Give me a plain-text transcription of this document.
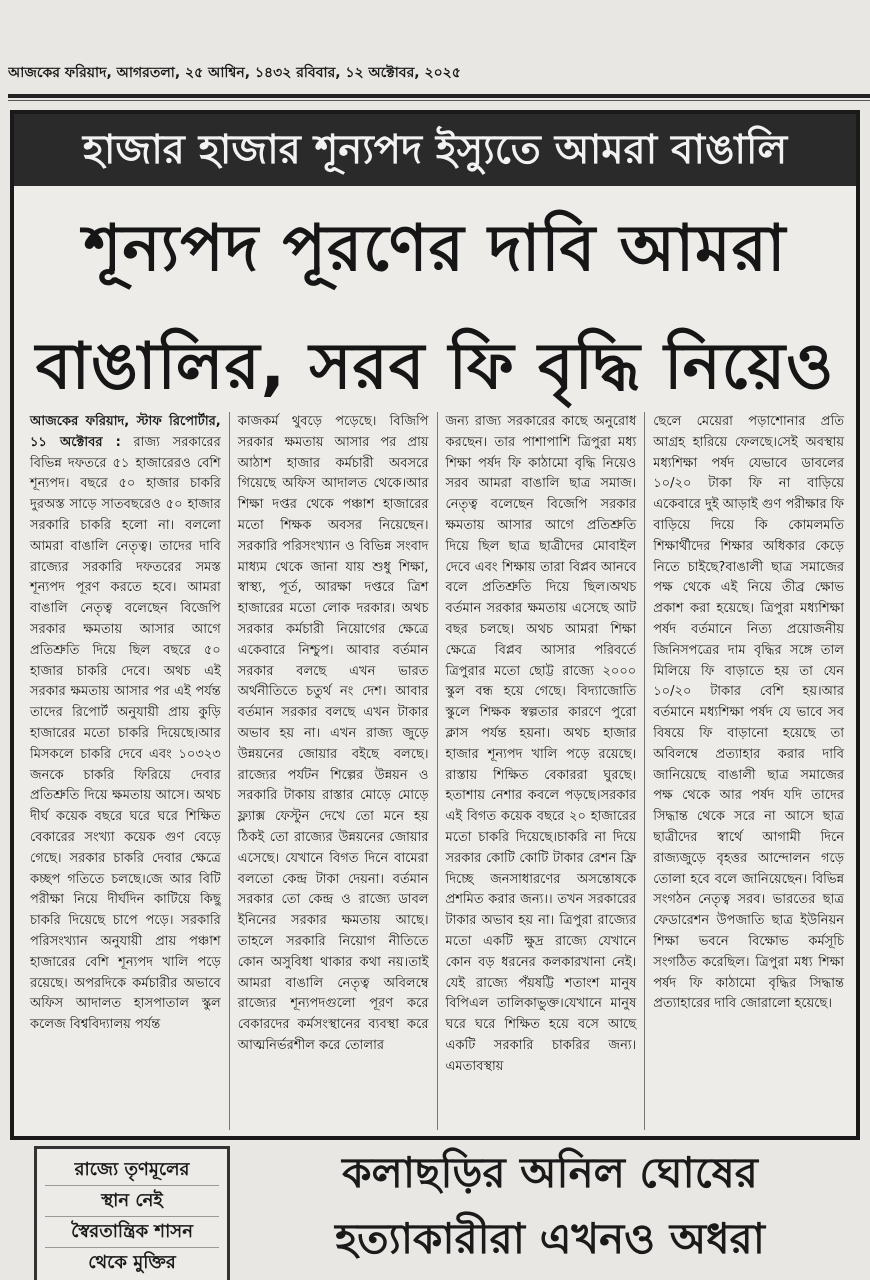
আজকের ফরিয়াদ, আগরতলা, ২৫ আশ্বিন, ১৪৩২ রবিবার, ১২ অক্টোবর, ২০২৫
হাজার হাজার শূন্যপদ ইস্যুতে আমরা বাঙালি
শূন্যপদ পূরণের দাবি আমরা
বাঙালির, সরব ফি বৃদ্ধি নিয়েও
আজকের ফরিয়াদ, স্টাফ রিপোর্টার, ১১ অক্টোবর : রাজ্য সরকারের বিভিন্ন দফতরে ৫১ হাজারেরও বেশি শূন্যপদ। বছরে ৫০ হাজার চাকরি দুরঅস্ত সাড়ে সাতবছরেও ৫০ হাজার সরকারি চাকরি হলো না। বললো আমরা বাঙালি নেতৃত্ব। তাদের দাবি রাজ্যের সরকারি দফতরের সমস্ত শূন্যপদ পূরণ করতে হবে। আমরা বাঙালি নেতৃত্ব বলেছেন বিজেপি সরকার ক্ষমতায় আসার আগে প্রতিশ্রুতি দিয়ে ছিল বছরে ৫০ হাজার চাকরি দেবে। অথচ এই সরকার ক্ষমতায় আসার পর এই পর্যন্ত তাদের রিপোর্ট অনুযায়ী প্রায় কুড়ি হাজারের মতো চাকরি দিয়েছে।আর মিসকলে চাকরি দেবে এবং ১০৩২৩ জনকে চাকরি ফিরিয়ে দেবার প্রতিশ্রুতি দিয়ে ক্ষমতায় আসে। অথচ দীর্ঘ কয়েক বছরে ঘরে ঘরে শিক্ষিত বেকারের সংখ্যা কয়েক গুণ বেড়ে গেছে। সরকার চাকরি দেবার ক্ষেত্রে কচ্ছপ গতিতে চলছে।জে আর বিটি পরীক্ষা নিয়ে দীর্ঘদিন কাটিয়ে কিছু চাকরি দিয়েছে চাপে পড়ে। সরকারি পরিসংখ্যান অনুযায়ী প্রায় পঞ্চাশ হাজারের বেশি শূন্যপদ খালি পড়ে রয়েছে। অপরদিকে কর্মচারীর অভাবে অফিস আদালত হাসপাতাল স্কুল কলেজ বিশ্ববিদ্যালয় পর্যন্ত
কাজকর্ম থুবড়ে পড়েছে। বিজিপি সরকার ক্ষমতায় আসার পর প্রায় আঠাশ হাজার কর্মচারী অবসরে গিয়েছে অফিস আদালত থেকে।আর শিক্ষা দপ্তর থেকে পঞ্চাশ হাজারের মতো শিক্ষক অবসর নিয়েছেন।সরকারি পরিসংখ্যান ও বিভিন্ন সংবাদ মাধ্যম থেকে জানা যায় শুধু শিক্ষা, স্বাস্থ্য, পূর্ত, আরক্ষা দপ্তরে ত্রিশ হাজারের মতো লোক দরকার। অথচ সরকার কর্মচারী নিয়োগের ক্ষেত্রে একেবারে নিশ্চুপ। আবার বর্তমান সরকার বলছে এখন ভারত অর্থনীতিতে চতুর্থ নং দেশ। আবার বর্তমান সরকার বলছে এখন টাকার অভাব হয় না। এখন রাজ্য জুড়ে উন্নয়নের জোয়ার বইছে বলছে।রাজ্যের পর্যটন শিল্পের উন্নয়ন ও সরকারি টাকায় রাস্তার মোড়ে মোড়ে ফ্ল্যাক্স ফেস্টুন দেখে তো মনে হয় ঠিকই তো রাজ্যের উন্নয়নের জোয়ার এসেছে। যেখানে বিগত দিনে বামেরা বলতো কেন্দ্র টাকা দেয়না। বর্তমান সরকার তো কেন্দ্র ও রাজ্যে ডাবল ইনিনের সরকার ক্ষমতায় আছে। তাহলে সরকারি নিয়োগ নীতিতে কোন অসুবিধা থাকার কথা নয়।তাই আমরা বাঙালি নেতৃত্ব অবিলম্বে রাজ্যের শূন্যপদগুলো পূরণ করে বেকারদের কর্মসংস্থানের ব্যবস্থা করে আত্মনির্ভরশীল করে তোলার
জন্য রাজ্য সরকারের কাছে অনুরোধ করছেন। তার পাশাপাশি ত্রিপুরা মধ্য শিক্ষা পর্ষদ ফি কাঠামো বৃদ্ধি নিয়েও সরব আমরা বাঙালি ছাত্র সমাজ।নেতৃত্ব বলেছেন বিজেপি সরকার ক্ষমতায় আসার আগে প্রতিশ্রুতি দিয়ে ছিল ছাত্র ছাত্রীদের মোবাইল দেবে এবং শিক্ষায় তারা বিপ্লব আনবে বলে প্রতিশ্রুতি দিয়ে ছিল।অথচ বর্তমান সরকার ক্ষমতায় এসেছে আট বছর চলছে। অথচ আমরা শিক্ষা ক্ষেত্রে বিপ্লব আসার পরিবর্তে ত্রিপুরার মতো ছোট্ট রাজ্যে ২০০০ স্কুল বন্ধ হয়ে গেছে। বিদ্যাজোতি স্কুলে শিক্ষক স্বল্পতার কারণে পুরো ক্লাস পর্যন্ত হয়না। অথচ হাজার হাজার শূন্যপদ খালি পড়ে রয়েছে। রাস্তায় শিক্ষিত বেকাররা ঘুরছে। হতাশায় নেশার কবলে পড়ছে।সরকার এই বিগত কয়েক বছরে ২০ হাজারের মতো চাকরি দিয়েছে।চাকরি না দিয়ে সরকার কোটি কোটি টাকার রেশন ফ্রি দিচ্ছে জনসাধারণের অসন্তোষকে প্রশমিত করার জন্য।। তখন সরকারের টাকার অভাব হয় না। ত্রিপুরা রাজ্যের মতো একটি ক্ষুদ্র রাজ্যে যেখানে কোন বড় ধরনের কলকারখানা নেই।যেই রাজ্যে পঁয়ষট্টি শতাংশ মানুষ বিপিএল তালিকাভুক্ত।যেখানে মানুষ ঘরে ঘরে শিক্ষিত হয়ে বসে আছে একটি সরকারি চাকরির জন্য। এমতাবস্থায়
ছেলে মেয়েরা পড়াশোনার প্রতি আগ্রহ হারিয়ে ফেলছে।সেই অবস্থায় মধ্যশিক্ষা পর্ষদ যেভাবে ডাবলের ১০/২০ টাকা ফি না বাড়িয়ে একেবারে দুই আড়াই গুণ পরীক্ষার ফি বাড়িয়ে দিয়ে কি কোমলমতি শিক্ষার্থীদের শিক্ষার অধিকার কেড়ে নিতে চাইছে?বাঙালী ছাত্র সমাজের পক্ষ থেকে এই নিয়ে তীব্র ক্ষোভ প্রকাশ করা হয়েছে। ত্রিপুরা মধ্যশিক্ষা পর্ষদ বর্তমানে নিত্য প্রয়োজনীয় জিনিসপত্রের দাম বৃদ্ধির সঙ্গে তাল মিলিয়ে ফি বাড়াতে হয় তা যেন ১০/২০ টাকার বেশি হয়।আর বর্তমানে মধ্যশিক্ষা পর্ষদ যে ভাবে সব বিষয়ে ফি বাড়ানো হয়েছে তা অবিলম্বে প্রত্যাহার করার দাবি জানিয়েছে বাঙালী ছাত্র সমাজের পক্ষ থেকে আর পর্ষদ যদি তাদের সিদ্ধান্ত থেকে সরে না আসে ছাত্র ছাত্রীদের স্বার্থে আগামী দিনে রাজ্যজুড়ে বৃহত্তর আন্দোলন গড়ে তোলা হবে বলে জানিয়েছেন। বিভিন্ন সংগঠন নেতৃত্ব সরব। ভারতের ছাত্র ফেডারেশন উপজাতি ছাত্র ইউনিয়ন শিক্ষা ভবনে বিক্ষোভ কর্মসূচি সংগঠিত করেছিল। ত্রিপুরা মধ্য শিক্ষা পর্ষদ ফি কাঠামো বৃদ্ধির সিদ্ধান্ত প্রত্যাহারের দাবি জোরালো হয়েছে।
রাজ্যে তৃণমূলের
স্থান নেই
স্বৈরতান্ত্রিক শাসন
থেকে মুক্তির
কলাছড়ির অনিল ঘোষের
হত্যাকারীরা এখনও অধরা
